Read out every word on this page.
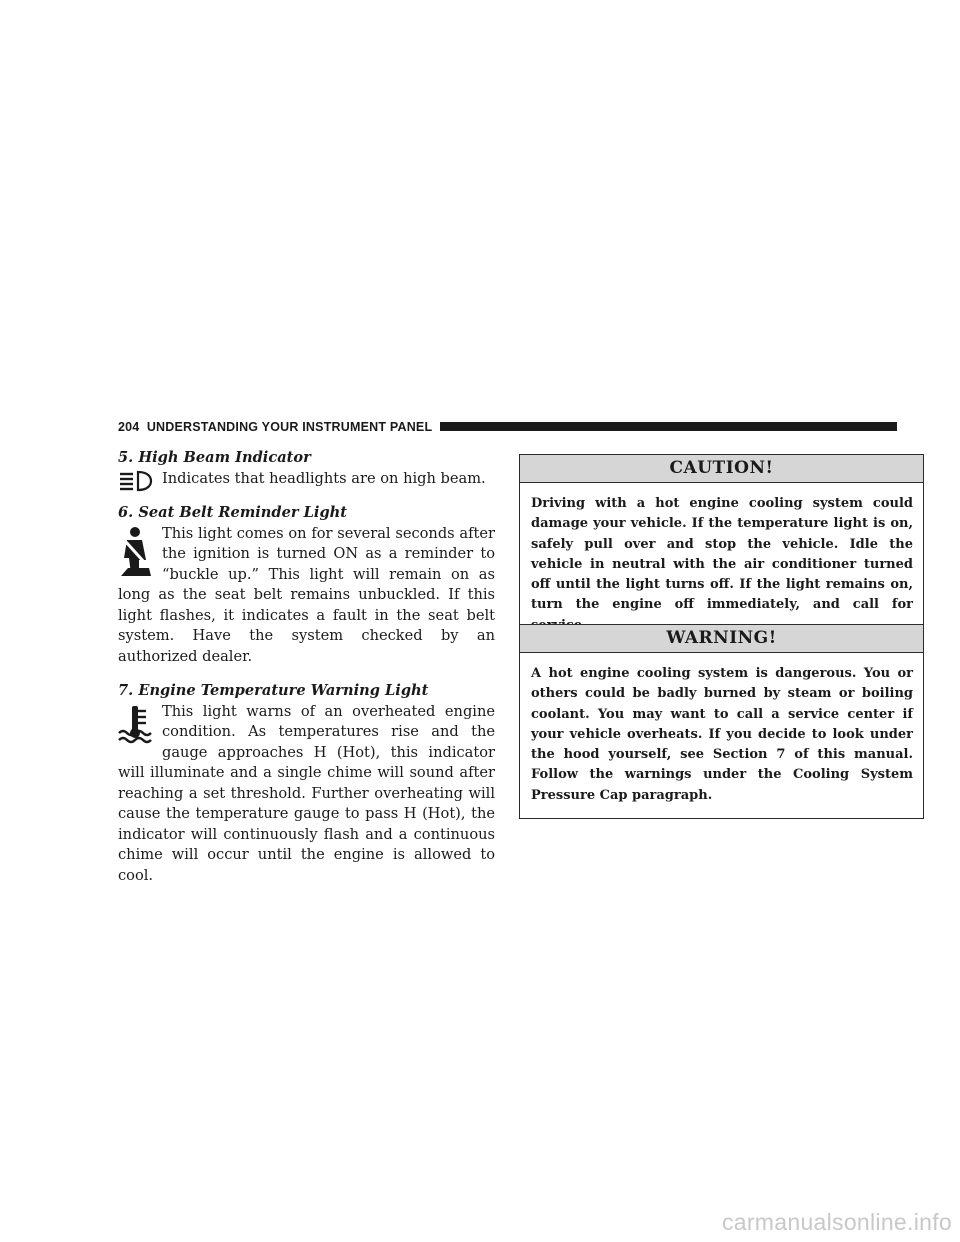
204 UNDERSTANDING YOUR INSTRUMENT PANEL
5. High Beam Indicator
Indicates that headlights are on high beam.
6. Seat Belt Reminder Light
This light comes on for several seconds after the ignition is turned ON as a reminder to “buckle up.” This light will remain on as long as the seat belt remains unbuckled. If this light flashes, it indicates a fault in the seat belt system. Have the system checked by an authorized dealer.
7. Engine Temperature Warning Light
This light warns of an overheated engine condition. As temperatures rise and the gauge approaches H (Hot), this indicator will illuminate and a single chime will sound after reaching a set threshold. Further overheating will cause the temperature gauge to pass H (Hot), the indicator will continuously flash and a continuous chime will occur until the engine is allowed to cool.
CAUTION!
Driving with a hot engine cooling system could damage your vehicle. If the temperature light is on, safely pull over and stop the vehicle. Idle the vehicle in neutral with the air conditioner turned off until the light turns off. If the light remains on, turn the engine off immediately, and call for
WARNING!
A hot engine cooling system is dangerous. You or others could be badly burned by steam or boiling coolant. You may want to call a service center if your vehicle overheats. If you decide to look under the hood yourself, see Section 7 of this manual. Follow the warnings under the Cooling System Pressure Cap paragraph.
carmanualsonline.info
